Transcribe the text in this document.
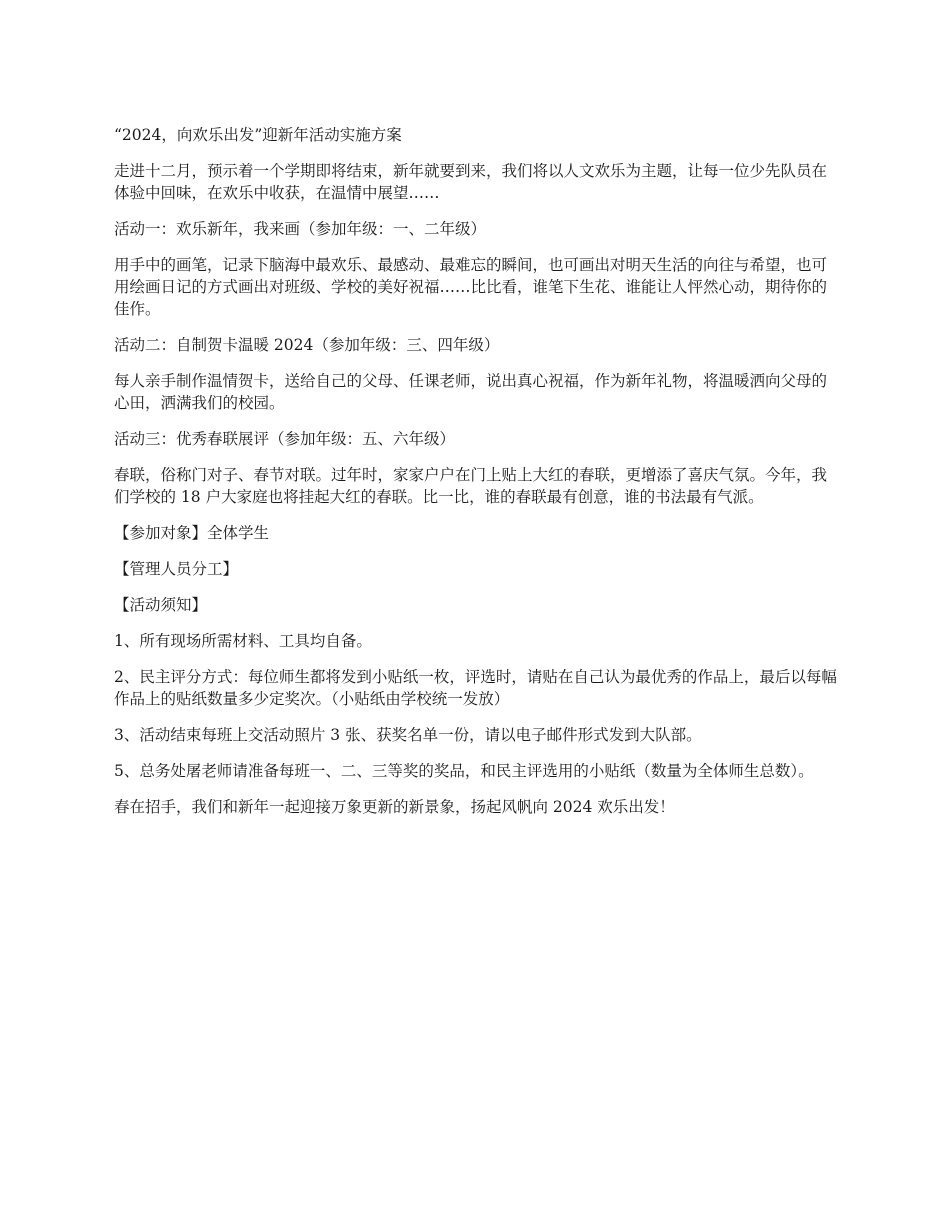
“2024，向欢乐出发”迎新年活动实施方案

走进十二月，预示着一个学期即将结束，新年就要到来，我们将以人文欢乐为主题，让每一位少先队员在体验中回味，在欢乐中收获，在温情中展望……

活动一：欢乐新年，我来画（参加年级：一、二年级）

用手中的画笔，记录下脑海中最欢乐、最感动、最难忘的瞬间，也可画出对明天生活的向往与希望，也可用绘画日记的方式画出对班级、学校的美好祝福……比比看，谁笔下生花、谁能让人怦然心动，期待你的佳作。

活动二：自制贺卡温暖 2024（参加年级：三、四年级）

每人亲手制作温情贺卡，送给自己的父母、任课老师，说出真心祝福，作为新年礼物，将温暖洒向父母的心田，洒满我们的校园。

活动三：优秀春联展评（参加年级：五、六年级）

春联，俗称门对子、春节对联。过年时，家家户户在门上贴上大红的春联，更增添了喜庆气氛。今年，我们学校的 18 户大家庭也将挂起大红的春联。比一比，谁的春联最有创意，谁的书法最有气派。

【参加对象】全体学生

【管理人员分工】

【活动须知】

1、所有现场所需材料、工具均自备。

2、民主评分方式：每位师生都将发到小贴纸一枚，评选时，请贴在自己认为最优秀的作品上，最后以每幅作品上的贴纸数量多少定奖次。（小贴纸由学校统一发放）

3、活动结束每班上交活动照片 3 张、获奖名单一份，请以电子邮件形式发到大队部。

5、总务处屠老师请准备每班一、二、三等奖的奖品，和民主评选用的小贴纸（数量为全体师生总数）。

春在招手，我们和新年一起迎接万象更新的新景象，扬起风帆向 2024 欢乐出发！
